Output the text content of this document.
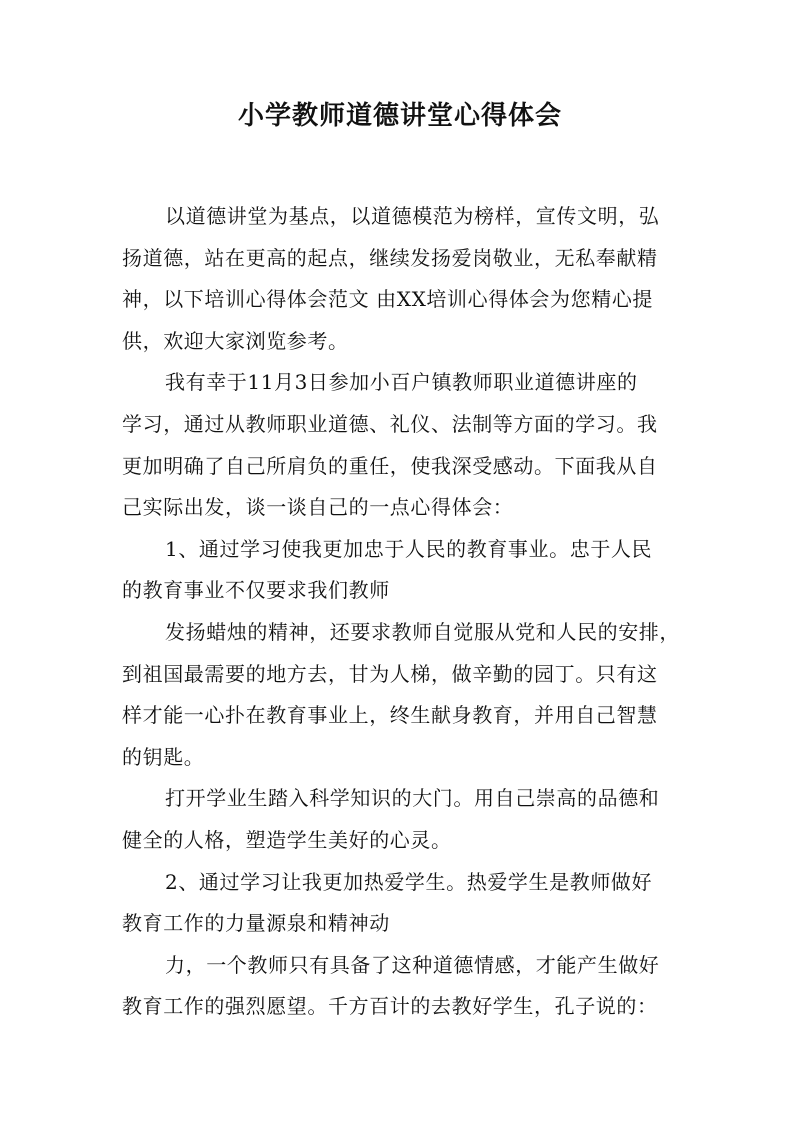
小学教师道德讲堂心得体会

以道德讲堂为基点，以道德模范为榜样，宣传文明，弘
扬道德，站在更高的起点，继续发扬爱岗敬业，无私奉献精
神，以下培训心得体会范文 由XX培训心得体会为您精心提
供，欢迎大家浏览参考。

我有幸于11月3日参加小百户镇教师职业道德讲座的
学习，通过从教师职业道德、礼仪、法制等方面的学习。我
更加明确了自己所肩负的重任，使我深受感动。下面我从自
己实际出发，谈一谈自己的一点心得体会：

1、通过学习使我更加忠于人民的教育事业。忠于人民
的教育事业不仅要求我们教师

发扬蜡烛的精神，还要求教师自觉服从党和人民的安排，
到祖国最需要的地方去，甘为人梯，做辛勤的园丁。只有这
样才能一心扑在教育事业上，终生献身教育，并用自己智慧
的钥匙。

打开学业生踏入科学知识的大门。用自己崇高的品德和
健全的人格，塑造学生美好的心灵。

2、通过学习让我更加热爱学生。热爱学生是教师做好
教育工作的力量源泉和精神动

力，一个教师只有具备了这种道德情感，才能产生做好
教育工作的强烈愿望。千方百计的去教好学生，孔子说的：
